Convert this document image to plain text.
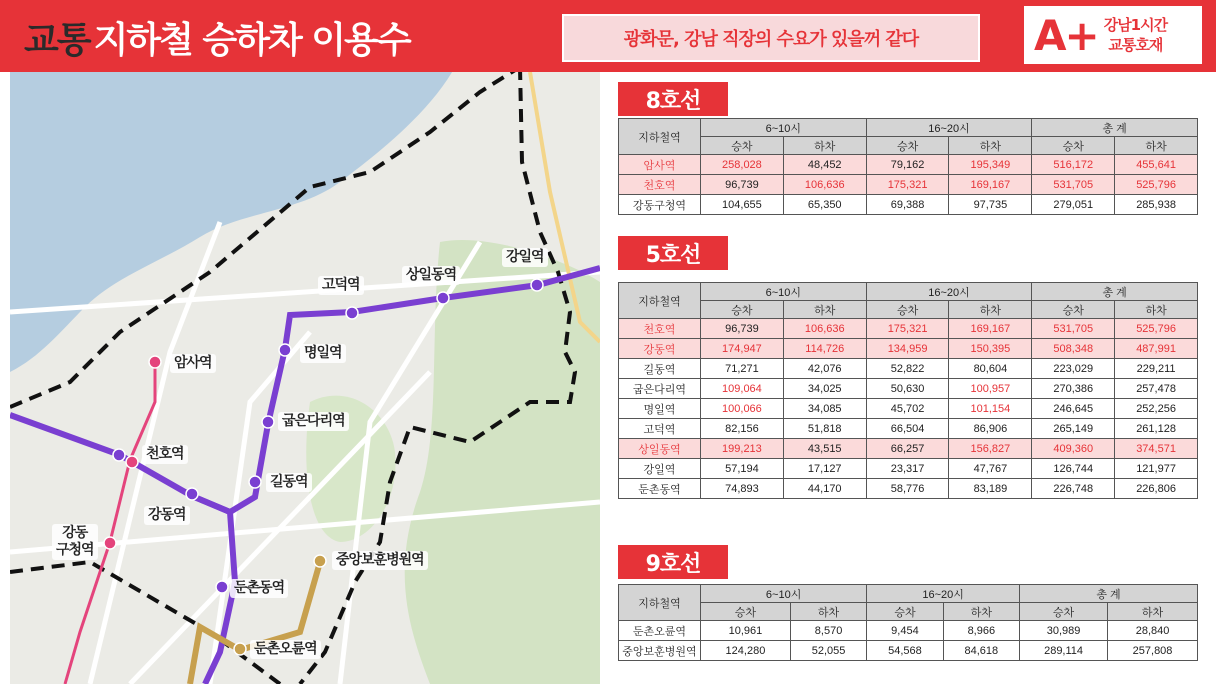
교통 지하철 승하차 이용수	광화문, 강남 직장의 수요가 있을꺼 같다	A+ 강남1시간
교통호재
암사역
천호역
강동
구청역
강동역
길동역
굽은다리역
명일역
고덕역
상일동역
강일역
둔촌동역
중앙보훈병원역
둔촌오륜역
8호선
지하철역	6~10시		16~20시		총 계	
	승차	하차	승차	하차	승차	하차
암사역	258,028	48,452	79,162	195,349	516,172	455,641
천호역	96,739	106,636	175,321	169,167	531,705	525,796
강동구청역	104,655	65,350	69,388	97,735	279,051	285,938
5호선
지하철역	6~10시		16~20시		총 계	
	승차	하차	승차	하차	승차	하차
천호역	96,739	106,636	175,321	169,167	531,705	525,796
강동역	174,947	114,726	134,959	150,395	508,348	487,991
길동역	71,271	42,076	52,822	80,604	223,029	229,211
굽은다리역	109,064	34,025	50,630	100,957	270,386	257,478
명일역	100,066	34,085	45,702	101,154	246,645	252,256
고덕역	82,156	51,818	66,504	86,906	265,149	261,128
상일동역	199,213	43,515	66,257	156,827	409,360	374,571
강일역	57,194	17,127	23,317	47,767	126,744	121,977
둔촌동역	74,893	44,170	58,776	83,189	226,748	226,806
9호선
지하철역	6~10시		16~20시		총 계	
	승차	하차	승차	하차	승차	하차
둔촌오륜역	10,961	8,570	9,454	8,966	30,989	28,840
중앙보훈병원역	124,280	52,055	54,568	84,618	289,114	257,808
